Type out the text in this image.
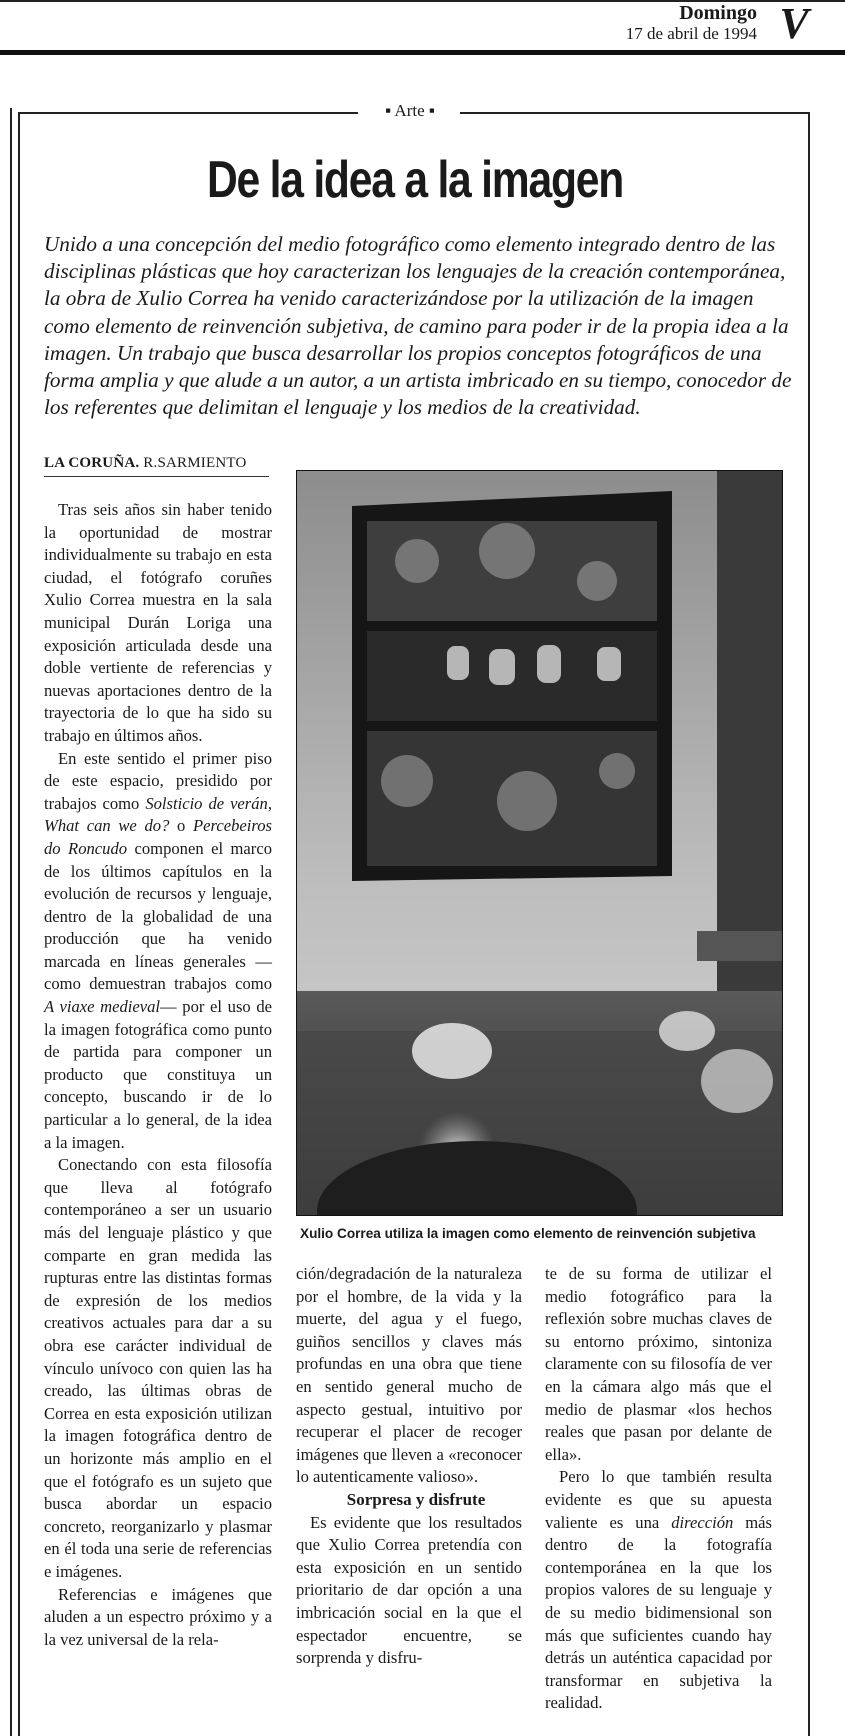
Domingo
17 de abril de 1994 V
▪ Arte ▪
De la idea a la imagen
Unido a una concepción del medio fotográfico como elemento integrado dentro de las disciplinas plásticas que hoy caracterizan los lenguajes de la creación contemporánea, la obra de Xulio Correa ha venido caracterizándose por la utilización de la imagen como elemento de reinvención subjetiva, de camino para poder ir de la propia idea a la imagen. Un trabajo que busca desarrollar los propios conceptos fotográficos de una forma amplia y que alude a un autor, a un artista imbricado en su tiempo, conocedor de los referentes que delimitan el lenguaje y los medios de la creatividad.
LA CORUÑA. R.SARMIENTO

Tras seis años sin haber tenido la oportunidad de mostrar individualmente su trabajo en esta ciudad, el fotógrafo coruñes Xulio Correa muestra en la sala municipal Durán Loriga una exposición articulada desde una doble vertiente de referencias y nuevas aportaciones dentro de la trayectoria de lo que ha sido su trabajo en últimos años.

En este sentido el primer piso de este espacio, presidido por trabajos como Solsticio de verán, What can we do? o Percebeiros do Roncudo componen el marco de los últimos capítulos en la evolución de recursos y lenguaje, dentro de la globalidad de una producción que ha venido marcada en líneas generales —como demuestran trabajos como A viaxe medieval— por el uso de la imagen fotográfica como punto de partida para componer un producto que constituya un concepto, buscando ir de lo particular a lo general, de la idea a la imagen.

Conectando con esta filosofía que lleva al fotógrafo contemporáneo a ser un usuario más del lenguaje plástico y que comparte en gran medida las rupturas entre las distintas formas de expresión de los medios creativos actuales para dar a su obra ese carácter individual de vínculo unívoco con quien las ha creado, las últimas obras de Correa en esta exposición utilizan la imagen fotográfica dentro de un horizonte más amplio en el que el fotógrafo es un sujeto que busca abordar un espacio concreto, reorganizarlo y plasmar en él toda una serie de referencias e imágenes.

Referencias e imágenes que aluden a un espectro próximo y a la vez universal de la rela-

Xulio Correa utiliza la imagen como elemento de reinvención subjetiva

ción/degradación de la naturaleza por el hombre, de la vida y la muerte, del agua y el fuego, guiños sencillos y claves más profundas en una obra que tiene en sentido general mucho de aspecto gestual, intuitivo por recuperar el placer de recoger imágenes que lleven a «reconocer lo autenticamente valioso».

Sorpresa y disfrute

Es evidente que los resultados que Xulio Correa pretendía con esta exposición en un sentido prioritario de dar opción a una imbricación social en la que el espectador encuentre, se sorprenda y disfru-

te de su forma de utilizar el medio fotográfico para la reflexión sobre muchas claves de su entorno próximo, sintoniza claramente con su filosofía de ver en la cámara algo más que el medio de plasmar «los hechos reales que pasan por delante de ella».

Pero lo que también resulta evidente es que su apuesta valiente es una dirección más dentro de la fotografía contemporánea en la que los propios valores de su lenguaje y de su medio bidimensional son más que suficientes cuando hay detrás un auténtica capacidad por transformar en subjetiva la realidad.
